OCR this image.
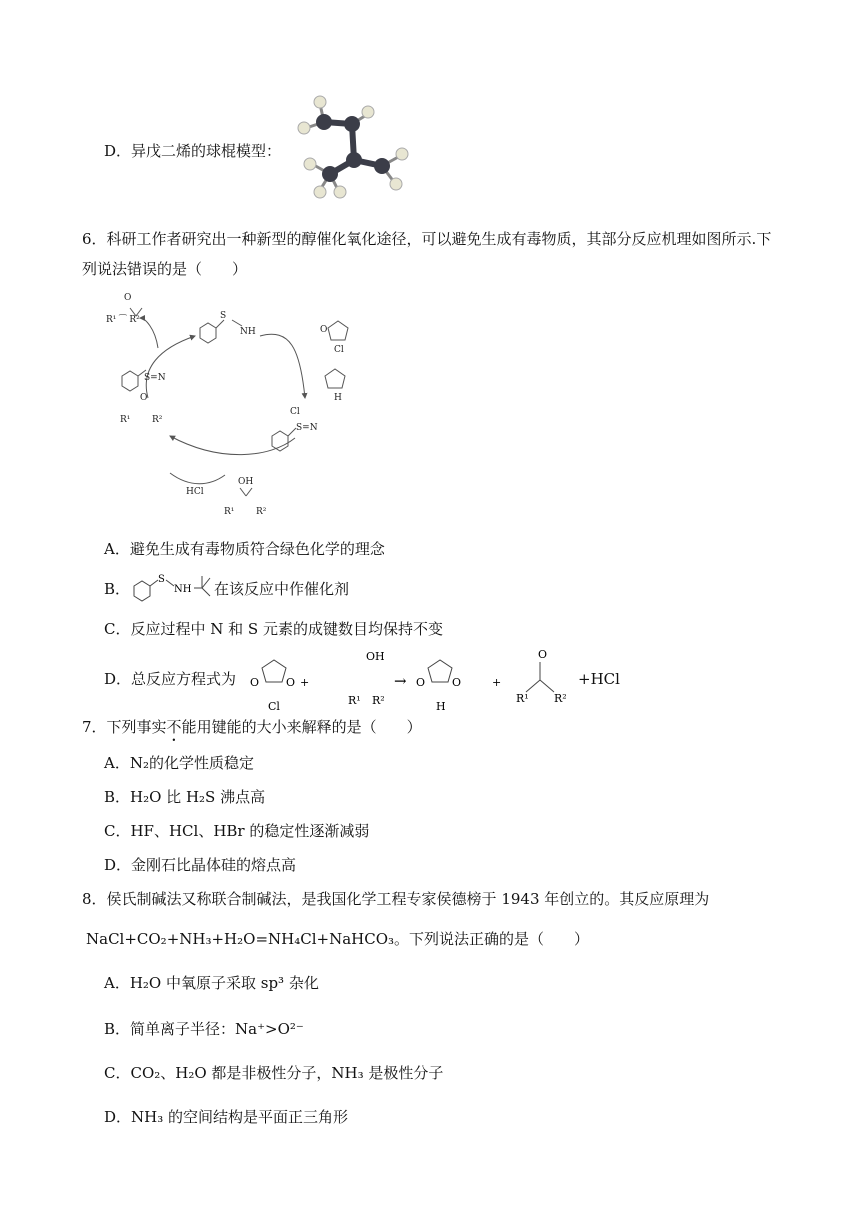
D．异戊二烯的球棍模型：
6．科研工作者研究出一种新型的醇催化氧化途径，可以避免生成有毒物质，其部分反应机理如图所示.下
列说法错误的是（　　）
O
R¹ ⁀ R²	S
NH	O
Cl
H
S=N
O
R¹ R²
Cl
S=N
HCl
OH
R¹ R²
A．避免生成有毒物质符合绿色化学的理念
B．
S
NH 在该反应中作催化剂
C．反应过程中 N 和 S 元素的成键数目均保持不变
D．总反应方程式为 O O
Cl
+
OH
R¹ R²
→ O O
H
+
O
R¹ R²
+HCl
7．下列事实不能用键能的大小来解释的是（　　）
A．N₂的化学性质稳定
B．H₂O 比 H₂S 沸点高
C．HF、HCl、HBr 的稳定性逐渐减弱
D．金刚石比晶体硅的熔点高
8．侯氏制碱法又称联合制碱法，是我国化学工程专家侯德榜于 1943 年创立的。其反应原理为
NaCl+CO₂+NH₃+H₂O=NH₄Cl+NaHCO₃。下列说法正确的是（　　）
A．H₂O 中氧原子采取 sp³ 杂化
B．简单离子半径：Na⁺>O²⁻
C．CO₂、H₂O 都是非极性分子，NH₃ 是极性分子
D．NH₃ 的空间结构是平面正三角形
